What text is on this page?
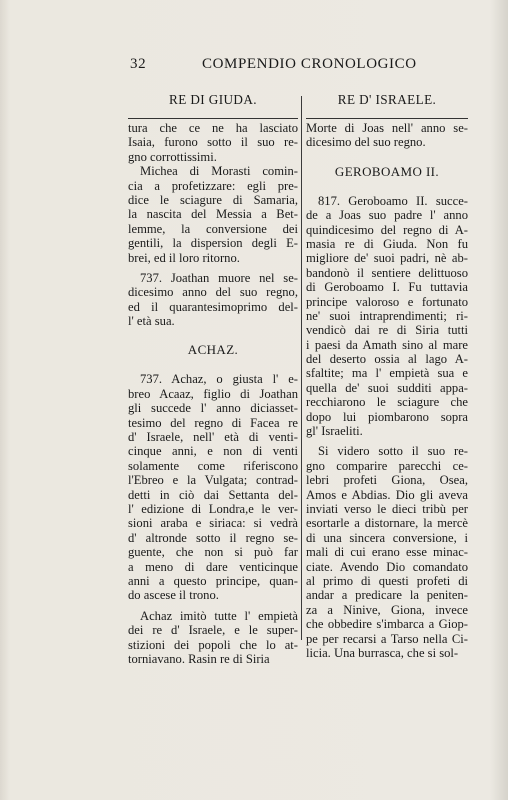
32	COMPENDIO CRONOLOGICO
RE DI GIUDA.
tura che ce ne ha lasciato
Isaia, furono sotto il suo re-
gno corrottissimi.
Michea di Morasti comin-
cia a profetizzare: egli pre-
dice le sciagure di Samaria,
la nascita del Messia a Bet-
lemme, la conversione dei
gentili, la dispersion degli E-
brei, ed il loro ritorno.
737. Joathan muore nel se-
dicesimo anno del suo regno,
ed il quarantesimoprimo del-
l' età sua.
ACHAZ.
737. Achaz, o giusta l' e-
breo Acaaz, figlio di Joathan
gli succede l' anno diciasset-
tesimo del regno di Facea re
d' Israele, nell' età di venti-
cinque anni, e non di venti
solamente come riferiscono
l'Ebreo e la Vulgata; contrad-
detti in ciò dai Settanta del-
l' edizione di Londra,e le ver-
sioni araba e siriaca: si vedrà
d' altronde sotto il regno se-
guente, che non si può far
a meno di dare venticinque
anni a questo principe, quan-
do ascese il trono.
Achaz imitò tutte l' empietà
dei re d' Israele, e le super-
stizioni dei popoli che lo at-
torniavano. Rasin re di Siria
RE D' ISRAELE.
Morte di Joas nell' anno se-
dicesimo del suo regno.
GEROBOAMO II.
817. Geroboamo II. succe-
de a Joas suo padre l' anno
quindicesimo del regno di A-
masia re di Giuda. Non fu
migliore de' suoi padri, nè ab-
bandonò il sentiere delittuoso
di Geroboamo I. Fu tuttavia
principe valoroso e fortunato
ne' suoi intraprendimenti; ri-
vendicò dai re di Siria tutti
i paesi da Amath sino al mare
del deserto ossia al lago A-
sfaltite; ma l' empietà sua e
quella de' suoi sudditi appa-
recchiarono le sciagure che
dopo lui piombarono sopra
gl' Israeliti.
Si videro sotto il suo re-
gno comparire parecchi ce-
lebri profeti Giona, Osea,
Amos e Abdias. Dio gli aveva
inviati verso le dieci tribù per
esortarle a distornare, la mercè
di una sincera conversione, i
mali di cui erano esse minac-
ciate. Avendo Dio comandato
al primo di questi profeti di
andar a predicare la peniten-
za a Ninive, Giona, invece
che obbedire s'imbarca a Giop-
pe per recarsi a Tarso nella Ci-
licia. Una burrasca, che si sol-
